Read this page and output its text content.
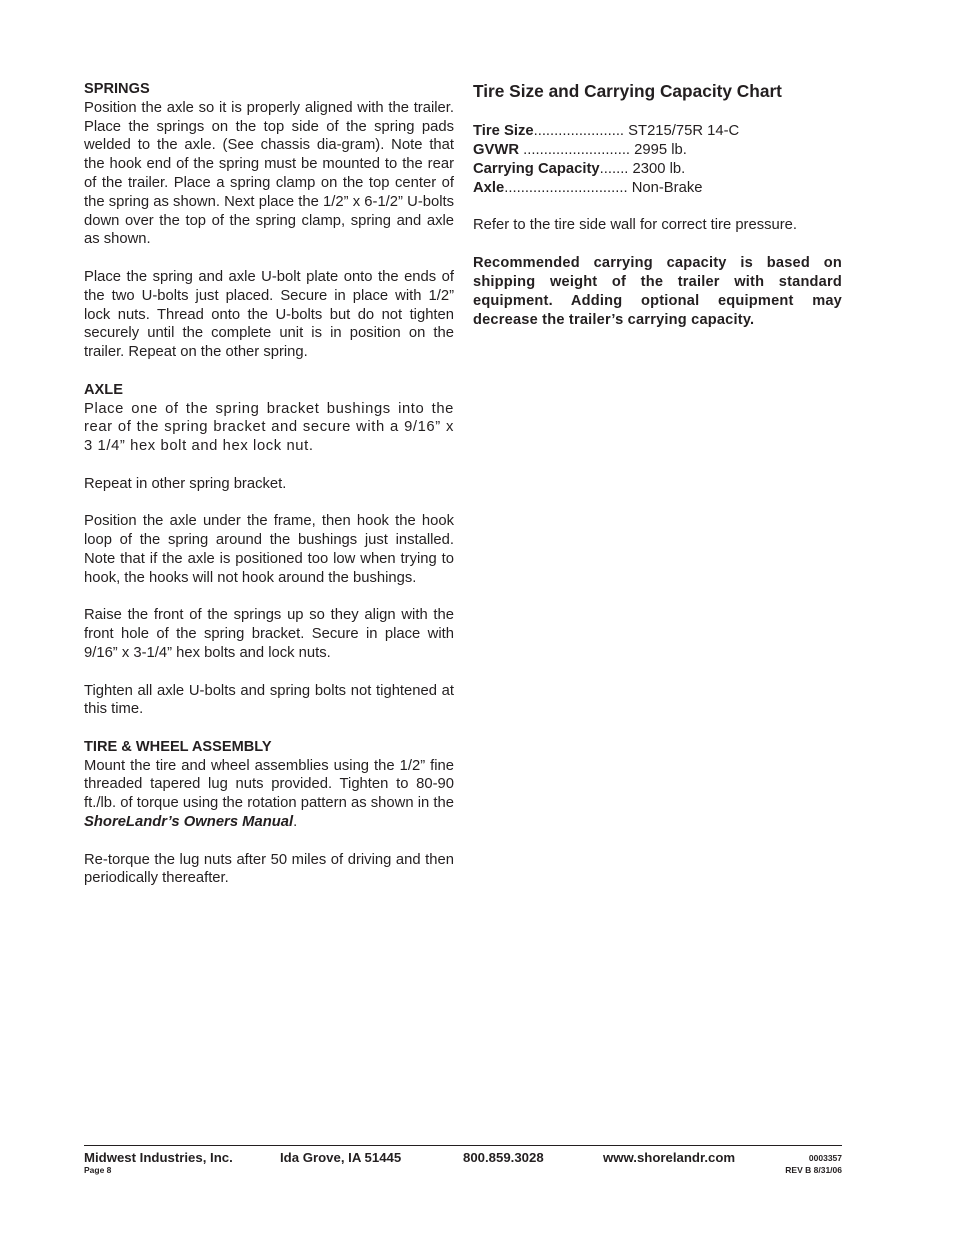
SPRINGS

Position the axle so it is properly aligned with the trailer. Place the springs on the top side of the spring pads welded to the axle. (See chassis dia-gram). Note that the hook end of the spring must be mounted to the rear of the trailer. Place a spring clamp on the top center of the spring as shown. Next place the 1/2” x 6-1/2” U-bolts down over the top of the spring clamp, spring and axle as shown.

Place the spring and axle U-bolt plate onto the ends of the two U-bolts just placed. Secure in place with 1/2” lock nuts. Thread onto the U-bolts but do not tighten securely until the complete unit is in position on the trailer. Repeat on the other spring.

AXLE

Place one of the spring bracket bushings into the rear of the spring bracket and secure with a 9/16” x 3 1/4” hex bolt and hex lock nut.

Repeat in other spring bracket.

Position the axle under the frame, then hook the hook loop of the spring around the bushings just installed. Note that if the axle is positioned too low when trying to hook, the hooks will not hook around the bushings.

Raise the front of the springs up so they align with the front hole of the spring bracket. Secure in place with 9/16” x 3-1/4” hex bolts and lock nuts.

Tighten all axle U-bolts and spring bolts not tightened at this time.

TIRE & WHEEL ASSEMBLY

Mount the tire and wheel assemblies using the 1/2” fine threaded tapered lug nuts provided. Tighten to 80-90 ft./lb. of torque using the rotation pattern as shown in the ShoreLandr’s Owners Manual.

Re-torque the lug nuts after 50 miles of driving and then periodically thereafter.

Tire Size and Carrying Capacity Chart
Tire Size...................... ST215/75R 14-C
GVWR .......................... 2995 lb.
Carrying Capacity....... 2300 lb.
Axle.............................. Non-Brake

Refer to the tire side wall for correct tire pressure.

Recommended carrying capacity is based on shipping weight of the trailer with standard equipment. Adding optional equipment may decrease the trailer’s carrying capacity.

Midwest Industries, Inc.	Ida Grove, IA 51445	800.859.3028	www.shorelandr.com
Page 8
0003357
REV B 8/31/06
